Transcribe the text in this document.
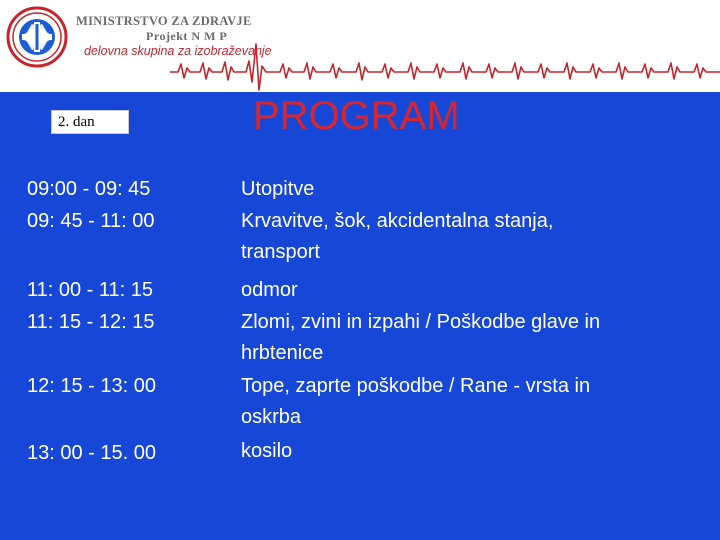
MINISTRSTVO ZA ZDRAVJE
Projekt N M P
delovna skupina za izobraževanje
2. dan	PROGRAM
09:00 - 09: 45
09: 45 - 11: 00
11: 00 - 11: 15
11: 15 - 12: 15
12: 15 - 13: 00
13: 00 - 15. 00
Utopitve
Krvavitve, šok, akcidentalna stanja, transport
odmor
Zlomi, zvini in izpahi / Poškodbe glave in hrbtenice
Tope, zaprte poškodbe / Rane - vrsta in oskrba
kosilo
